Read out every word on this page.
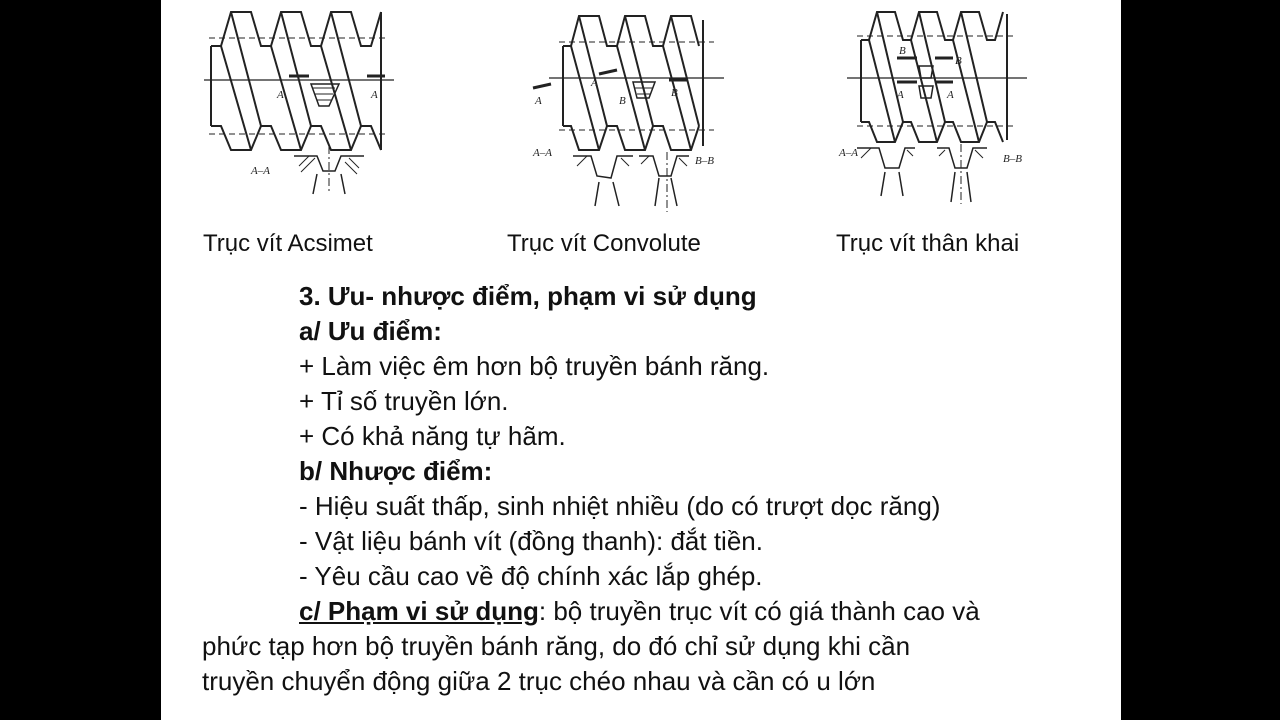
A	A
A–A
Trục vít Acsimet
A
A
B
B
A–A
B–B
Trục vít Convolute
B
B
A	A
A–A	B–B
Trục vít thân khai
3. Ưu- nhược điểm, phạm vi sử dụng
a/ Ưu điểm:
+ Làm việc êm hơn bộ truyền bánh răng.
+ Tỉ số truyền lớn.
+ Có khả năng tự hãm.
b/ Nhược điểm:
- Hiệu suất thấp, sinh nhiệt nhiều (do có trượt dọc răng)
- Vật liệu bánh vít (đồng thanh): đắt tiền.
- Yêu cầu cao về độ chính xác lắp ghép.
c/ Phạm vi sử dụng: bộ truyền trục vít có giá thành cao và
phức tạp hơn bộ truyền bánh răng, do đó chỉ sử dụng khi cần
truyền chuyển động giữa 2 trục chéo nhau và cần có u lớn
